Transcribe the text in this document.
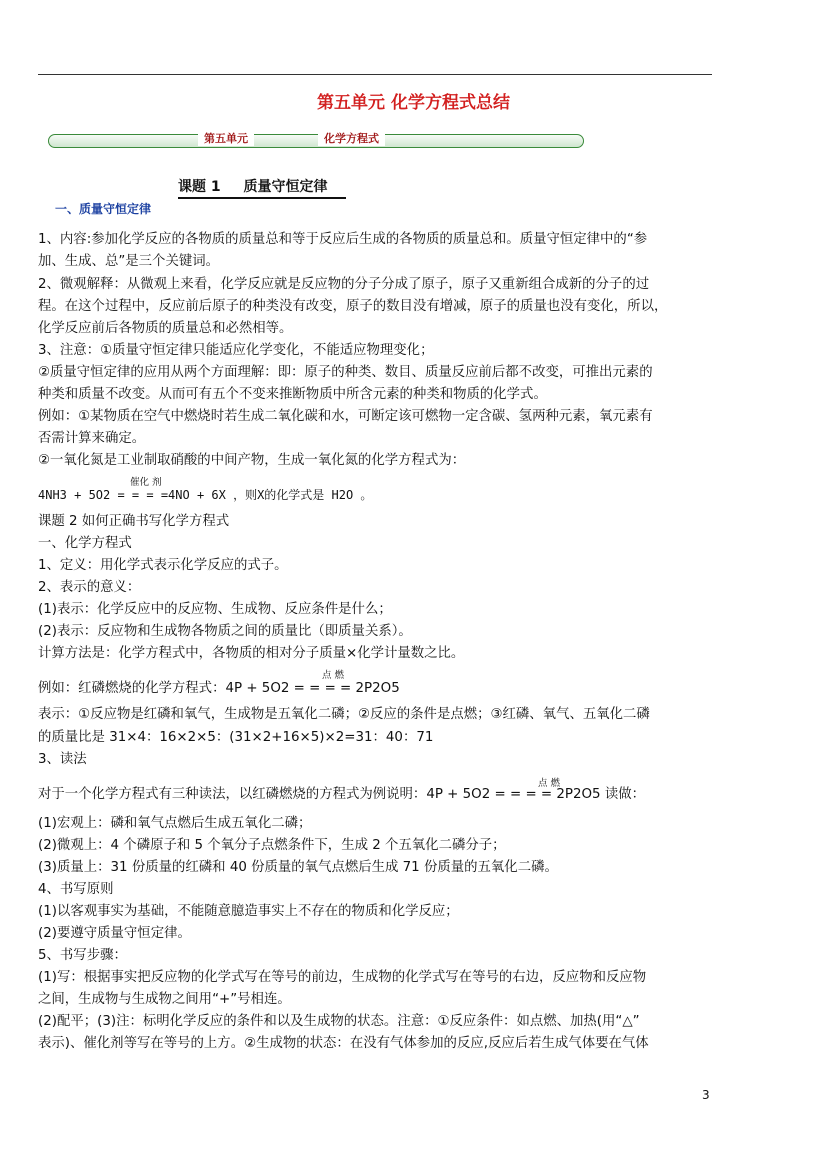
第五单元 化学方程式总结
第五单元	化学方程式
课题 1 质量守恒定律
一、质量守恒定律
1、内容:参加化学反应的各物质的质量总和等于反应后生成的各物质的质量总和。质量守恒定律中的“参
加、生成、总”是三个关键词。
2、微观解释：从微观上来看，化学反应就是反应物的分子分成了原子，原子又重新组合成新的分子的过
程。在这个过程中，反应前后原子的种类没有改变，原子的数目没有增减，原子的质量也没有变化，所以，
化学反应前后各物质的质量总和必然相等。
3、注意：①质量守恒定律只能适应化学变化，不能适应物理变化；
②质量守恒定律的应用从两个方面理解：即：原子的种类、数目、质量反应前后都不改变，可推出元素的
种类和质量不改变。从而可有五个不变来推断物质中所含元素的种类和物质的化学式。
例如：①某物质在空气中燃烧时若生成二氧化碳和水，可断定该可燃物一定含碳、氢两种元素，氧元素有
否需计算来确定。
②一氧化氮是工业制取硝酸的中间产物，生成一氧化氮的化学方程式为：
催化 剂
4NH3 + 5O2 = = = =4NO + 6X ，则X的化学式是 H2O 。
课题 2 如何正确书写化学方程式
一、化学方程式
1、定义：用化学式表示化学反应的式子。
2、表示的意义：
(1)表示：化学反应中的反应物、生成物、反应条件是什么；
(2)表示：反应物和生成物各物质之间的质量比（即质量关系）。
计算方法是：化学方程式中，各物质的相对分子质量×化学计量数之比。
点 燃
例如：红磷燃烧的化学方程式：4P + 5O2 = = = = 2P2O5
表示：①反应物是红磷和氧气，生成物是五氧化二磷；②反应的条件是点燃；③红磷、氧气、五氧化二磷
的质量比是 31×4：16×2×5：(31×2+16×5)×2=31：40：71
3、读法
点 燃
对于一个化学方程式有三种读法，以红磷燃烧的方程式为例说明：4P + 5O2 = = = = 2P2O5 读做：
(1)宏观上：磷和氧气点燃后生成五氧化二磷；
(2)微观上：4 个磷原子和 5 个氧分子点燃条件下，生成 2 个五氧化二磷分子；
(3)质量上：31 份质量的红磷和 40 份质量的氧气点燃后生成 71 份质量的五氧化二磷。
4、书写原则
(1)以客观事实为基础，不能随意臆造事实上不存在的物质和化学反应；
(2)要遵守质量守恒定律。
5、书写步骤：
(1)写：根据事实把反应物的化学式写在等号的前边，生成物的化学式写在等号的右边，反应物和反应物
之间，生成物与生成物之间用“+”号相连。
(2)配平；(3)注：标明化学反应的条件和以及生成物的状态。注意：①反应条件：如点燃、加热(用“△”
表示)、催化剂等写在等号的上方。②生成物的状态：在没有气体参加的反应,反应后若生成气体要在气体
3
